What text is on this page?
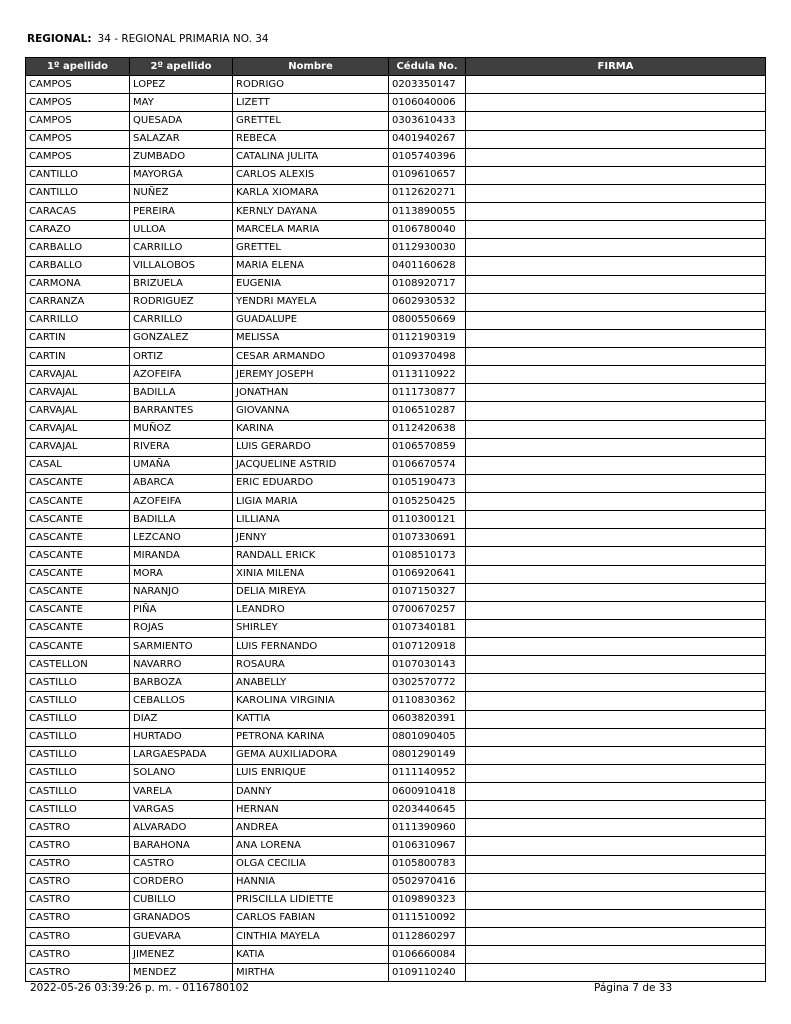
REGIONAL: 34 - REGIONAL PRIMARIA NO. 34
1º apellido	2º apellido	Nombre	Cédula No.	FIRMA
CAMPOS	LOPEZ	RODRIGO	0203350147	
CAMPOS	MAY	LIZETT	0106040006	
CAMPOS	QUESADA	GRETTEL	0303610433	
CAMPOS	SALAZAR	REBECA	0401940267	
CAMPOS	ZUMBADO	CATALINA JULITA	0105740396	
CANTILLO	MAYORGA	CARLOS ALEXIS	0109610657	
CANTILLO	NUÑEZ	KARLA XIOMARA	0112620271	
CARACAS	PEREIRA	KERNLY DAYANA	0113890055	
CARAZO	ULLOA	MARCELA MARIA	0106780040	
CARBALLO	CARRILLO	GRETTEL	0112930030	
CARBALLO	VILLALOBOS	MARIA ELENA	0401160628	
CARMONA	BRIZUELA	EUGENIA	0108920717	
CARRANZA	RODRIGUEZ	YENDRI MAYELA	0602930532	
CARRILLO	CARRILLO	GUADALUPE	0800550669	
CARTIN	GONZALEZ	MELISSA	0112190319	
CARTIN	ORTIZ	CESAR ARMANDO	0109370498	
CARVAJAL	AZOFEIFA	JEREMY JOSEPH	0113110922	
CARVAJAL	BADILLA	JONATHAN	0111730877	
CARVAJAL	BARRANTES	GIOVANNA	0106510287	
CARVAJAL	MUÑOZ	KARINA	0112420638	
CARVAJAL	RIVERA	LUIS GERARDO	0106570859	
CASAL	UMAÑA	JACQUELINE ASTRID	0106670574	
CASCANTE	ABARCA	ERIC EDUARDO	0105190473	
CASCANTE	AZOFEIFA	LIGIA MARIA	0105250425	
CASCANTE	BADILLA	LILLIANA	0110300121	
CASCANTE	LEZCANO	JENNY	0107330691	
CASCANTE	MIRANDA	RANDALL ERICK	0108510173	
CASCANTE	MORA	XINIA MILENA	0106920641	
CASCANTE	NARANJO	DELIA MIREYA	0107150327	
CASCANTE	PIÑA	LEANDRO	0700670257	
CASCANTE	ROJAS	SHIRLEY	0107340181	
CASCANTE	SARMIENTO	LUIS FERNANDO	0107120918	
CASTELLON	NAVARRO	ROSAURA	0107030143	
CASTILLO	BARBOZA	ANABELLY	0302570772	
CASTILLO	CEBALLOS	KAROLINA VIRGINIA	0110830362	
CASTILLO	DIAZ	KATTIA	0603820391	
CASTILLO	HURTADO	PETRONA KARINA	0801090405	
CASTILLO	LARGAESPADA	GEMA AUXILIADORA	0801290149	
CASTILLO	SOLANO	LUIS ENRIQUE	0111140952	
CASTILLO	VARELA	DANNY	0600910418	
CASTILLO	VARGAS	HERNAN	0203440645	
CASTRO	ALVARADO	ANDREA	0111390960	
CASTRO	BARAHONA	ANA LORENA	0106310967	
CASTRO	CASTRO	OLGA CECILIA	0105800783	
CASTRO	CORDERO	HANNIA	0502970416	
CASTRO	CUBILLO	PRISCILLA LIDIETTE	0109890323	
CASTRO	GRANADOS	CARLOS FABIAN	0111510092	
CASTRO	GUEVARA	CINTHIA MAYELA	0112860297	
CASTRO	JIMENEZ	KATIA	0106660084	
CASTRO	MENDEZ	MIRTHA	0109110240	
2022-05-26 03:39:26 p. m. - 0116780102	Página 7 de 33
